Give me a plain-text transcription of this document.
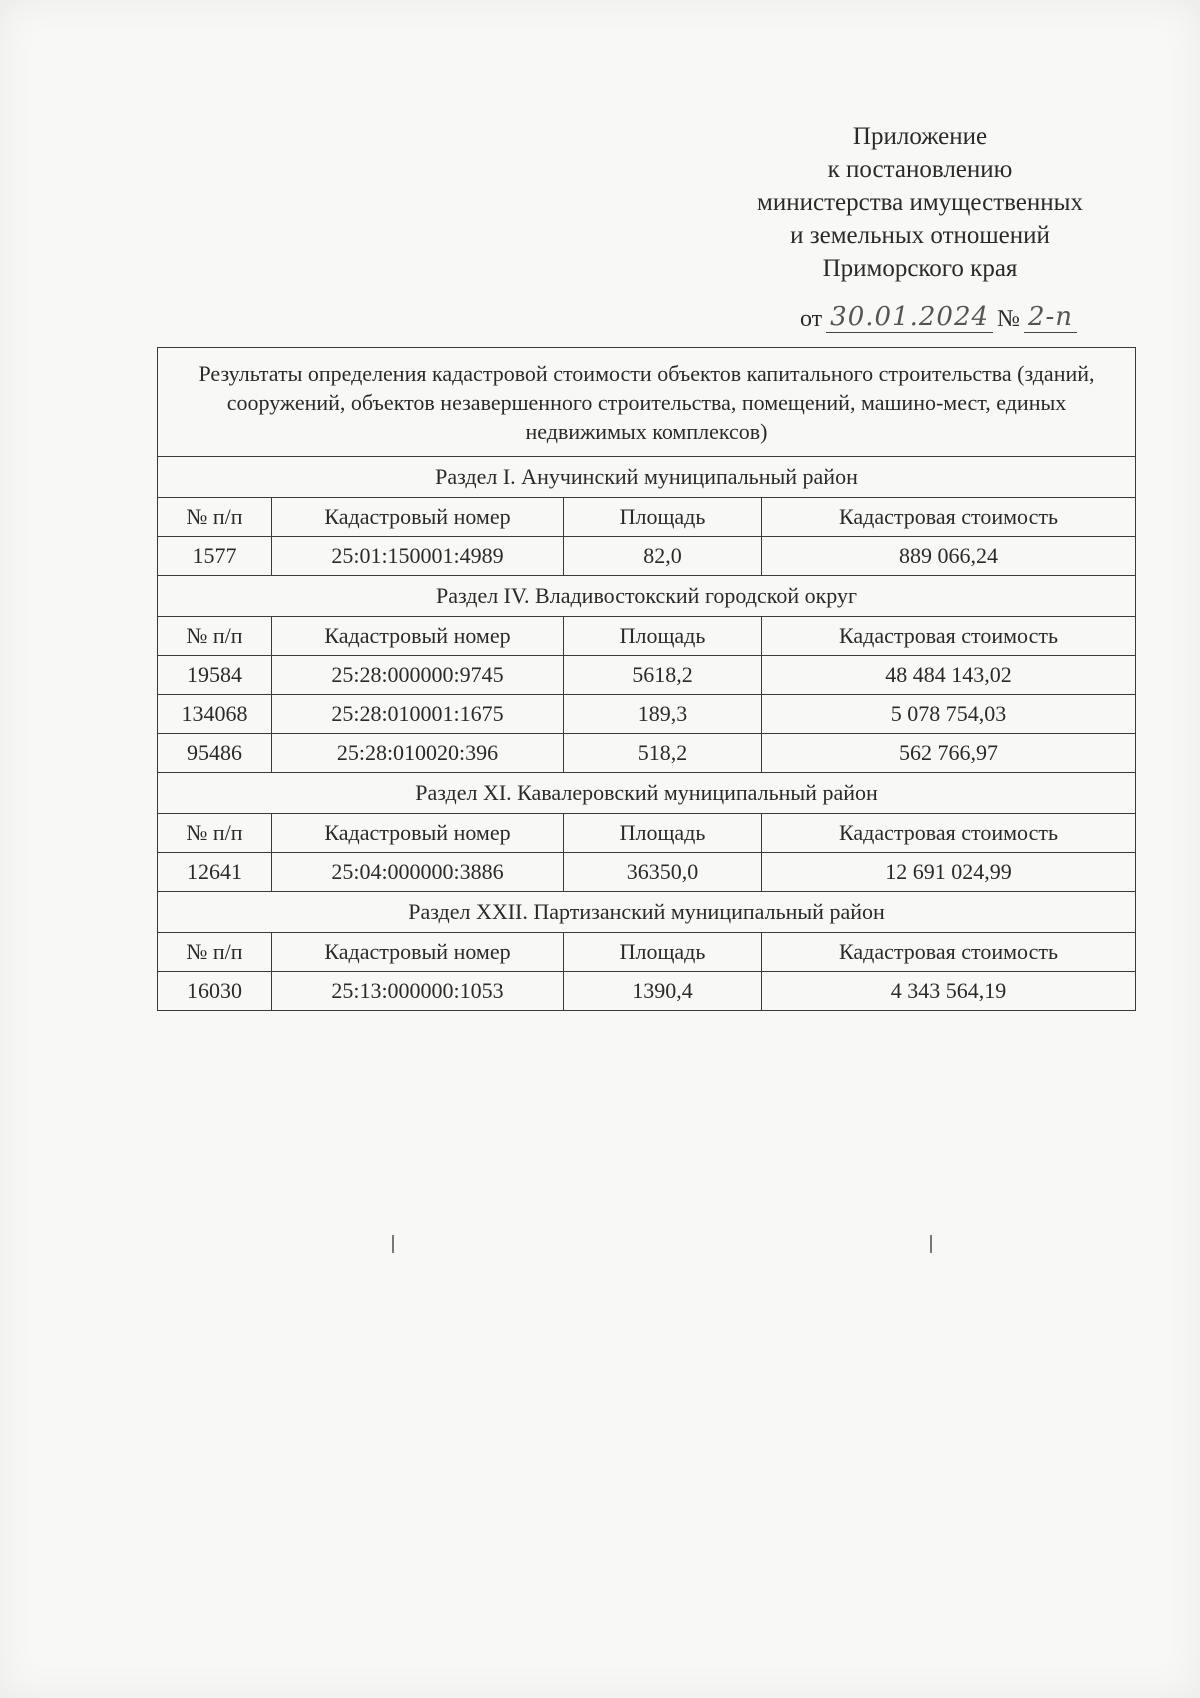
Приложение
к постановлению
министерства имущественных
и земельных отношений
Приморского края
от 30.01.2024 № 2-п
Результаты определения кадастровой стоимости объектов капитального строительства (зданий, сооружений, объектов незавершенного строительства, помещений, машино-мест, единых недвижимых комплексов)			
Раздел I. Анучинский муниципальный район			
№ п/п	Кадастровый номер	Площадь	Кадастровая стоимость
1577	25:01:150001:4989	82,0	889 066,24
Раздел IV. Владивостокский городской округ			
№ п/п	Кадастровый номер	Площадь	Кадастровая стоимость
19584	25:28:000000:9745	5618,2	48 484 143,02
134068	25:28:010001:1675	189,3	5 078 754,03
95486	25:28:010020:396	518,2	562 766,97
Раздел XI. Кавалеровский муниципальный район			
№ п/п	Кадастровый номер	Площадь	Кадастровая стоимость
12641	25:04:000000:3886	36350,0	12 691 024,99
Раздел XXII. Партизанский муниципальный район			
№ п/п	Кадастровый номер	Площадь	Кадастровая стоимость
16030	25:13:000000:1053	1390,4	4 343 564,19
